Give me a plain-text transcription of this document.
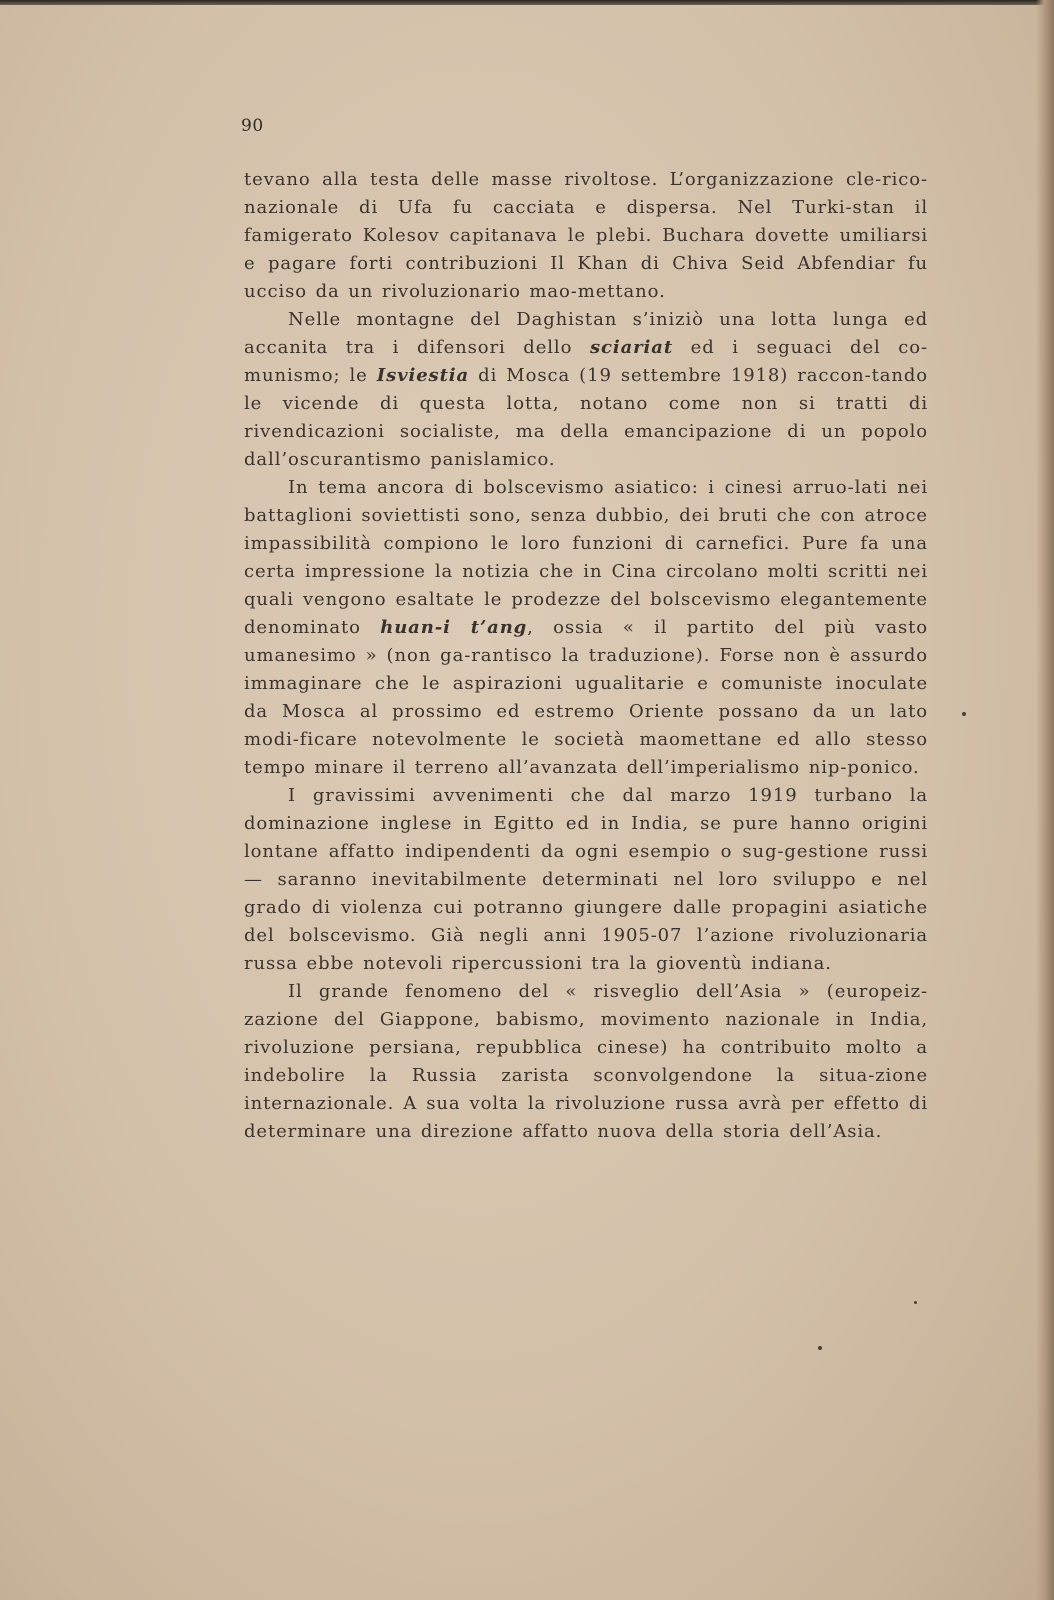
90

tevano alla testa delle masse rivoltose. L’organizzazione cle-rico-nazionale di Ufa fu cacciata e dispersa. Nel Turki-stan il famigerato Kolesov capitanava le plebi. Buchara dovette umiliarsi e pagare forti contribuzioni Il Khan di Chiva Seid Abfendiar fu ucciso da un rivoluzionario mao-mettano.

Nelle montagne del Daghistan s’iniziò una lotta lunga ed accanita tra i difensori dello sciariat ed i seguaci del co-munismo; le Isviestia di Mosca (19 settembre 1918) raccon-tando le vicende di questa lotta, notano come non si tratti di rivendicazioni socialiste, ma della emancipazione di un popolo dall’oscurantismo panislamico.

In tema ancora di bolscevismo asiatico: i cinesi arruo-lati nei battaglioni soviettisti sono, senza dubbio, dei bruti che con atroce impassibilità compiono le loro funzioni di carnefici. Pure fa una certa impressione la notizia che in Cina circolano molti scritti nei quali vengono esaltate le prodezze del bolscevismo elegantemente denominato huan-i t’ang, ossia « il partito del più vasto umanesimo » (non ga-rantisco la traduzione). Forse non è assurdo immaginare che le aspirazioni ugualitarie e comuniste inoculate da Mosca al prossimo ed estremo Oriente possano da un lato modi-ficare notevolmente le società maomettane ed allo stesso tempo minare il terreno all’avanzata dell’imperialismo nip-ponico.

I gravissimi avvenimenti che dal marzo 1919 turbano la dominazione inglese in Egitto ed in India, se pure hanno origini lontane affatto indipendenti da ogni esempio o sug-gestione russi — saranno inevitabilmente determinati nel loro sviluppo e nel grado di violenza cui potranno giungere dalle propagini asiatiche del bolscevismo. Già negli anni 1905-07 l’azione rivoluzionaria russa ebbe notevoli ripercussioni tra la gioventù indiana.

Il grande fenomeno del « risveglio dell’Asia » (europeiz-zazione del Giappone, babismo, movimento nazionale in India, rivoluzione persiana, repubblica cinese) ha contribuito molto a indebolire la Russia zarista sconvolgendone la situa-zione internazionale. A sua volta la rivoluzione russa avrà per effetto di determinare una direzione affatto nuova della storia dell’Asia.
